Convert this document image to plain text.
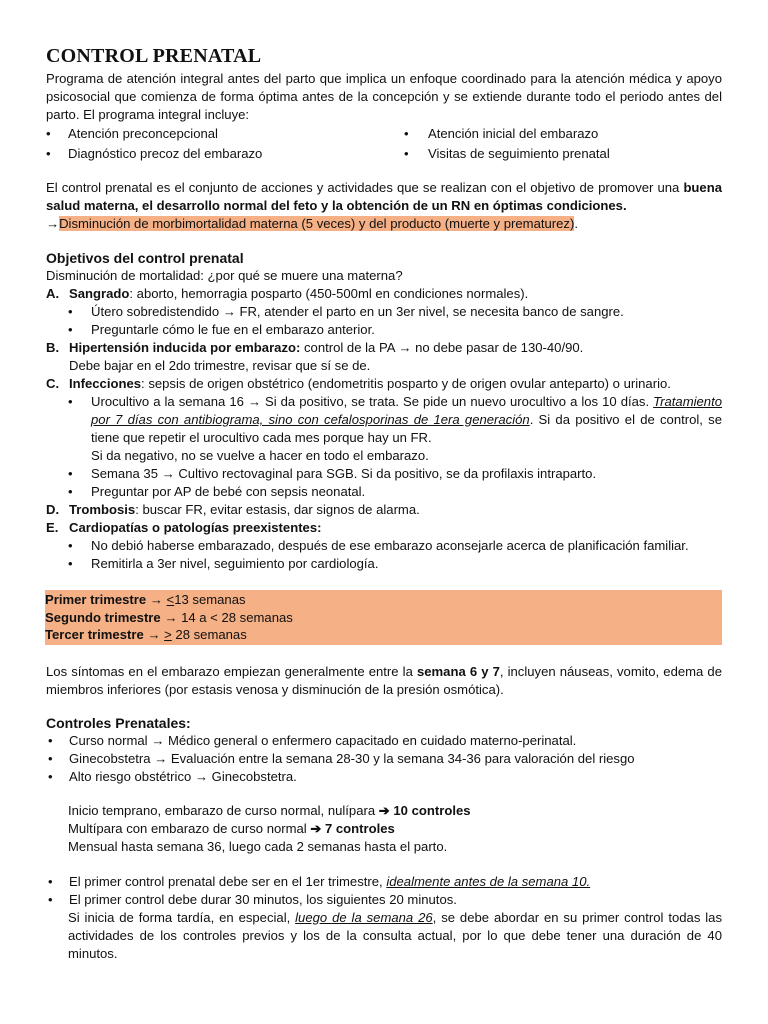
CONTROL PRENATAL

Programa de atención integral antes del parto que implica un enfoque coordinado para la atención médica y apoyo psicosocial que comienza de forma óptima antes de la concepción y se extiende durante todo el periodo antes del parto. El programa integral incluye:

• Atención preconcepcional
• Diagnóstico precoz del embarazo
• Atención inicial del embarazo
• Visitas de seguimiento prenatal

El control prenatal es el conjunto de acciones y actividades que se realizan con el objetivo de promover una buena salud materna, el desarrollo normal del feto y la obtención de un RN en óptimas condiciones.

→Disminución de morbimortalidad materna (5 veces) y del producto (muerte y prematurez).

Objetivos del control prenatal

Disminución de mortalidad: ¿por qué se muere una materna?

A. Sangrado: aborto, hemorragia posparto (450-500ml en condiciones normales).
• Útero sobredistendido → FR, atender el parto en un 3er nivel, se necesita banco de sangre.
• Preguntarle cómo le fue en el embarazo anterior.
B. Hipertensión inducida por embarazo: control de la PA → no debe pasar de 130-40/90.
Debe bajar en el 2do trimestre, revisar que sí se de.
C. Infecciones: sepsis de origen obstétrico (endometritis posparto y de origen ovular anteparto) o urinario.
• Urocultivo a la semana 16 → Si da positivo, se trata. Se pide un nuevo urocultivo a los 10 días. Tratamiento por 7 días con antibiograma, sino con cefalosporinas de 1era generación. Si da positivo el de control, se tiene que repetir el urocultivo cada mes porque hay un FR.
Si da negativo, no se vuelve a hacer en todo el embarazo.
• Semana 35 → Cultivo rectovaginal para SGB. Si da positivo, se da profilaxis intraparto.
• Preguntar por AP de bebé con sepsis neonatal.
D. Trombosis: buscar FR, evitar estasis, dar signos de alarma.
E. Cardiopatías o patologías preexistentes:
• No debió haberse embarazado, después de ese embarazo aconsejarle acerca de planificación familiar.
• Remitirla a 3er nivel, seguimiento por cardiología.
Primer trimestre → <13 semanas
Segundo trimestre → 14 a < 28 semanas
Tercer trimestre → > 28 semanas

Los síntomas en el embarazo empiezan generalmente entre la semana 6 y 7, incluyen náuseas, vomito, edema de miembros inferiores (por estasis venosa y disminución de la presión osmótica).

Controles Prenatales:
• Curso normal → Médico general o enfermero capacitado en cuidado materno-perinatal.
• Ginecobstetra → Evaluación entre la semana 28-30 y la semana 34-36 para valoración del riesgo
• Alto riesgo obstétrico → Ginecobstetra.
Inicio temprano, embarazo de curso normal, nulípara ➔ 10 controles
Multípara con embarazo de curso normal ➔ 7 controles
Mensual hasta semana 36, luego cada 2 semanas hasta el parto.
• El primer control prenatal debe ser en el 1er trimestre, idealmente antes de la semana 10.
• El primer control debe durar 30 minutos, los siguientes 20 minutos.
Si inicia de forma tardía, en especial, luego de la semana 26, se debe abordar en su primer control todas las actividades de los controles previos y los de la consulta actual, por lo que debe tener una duración de 40 minutos.
